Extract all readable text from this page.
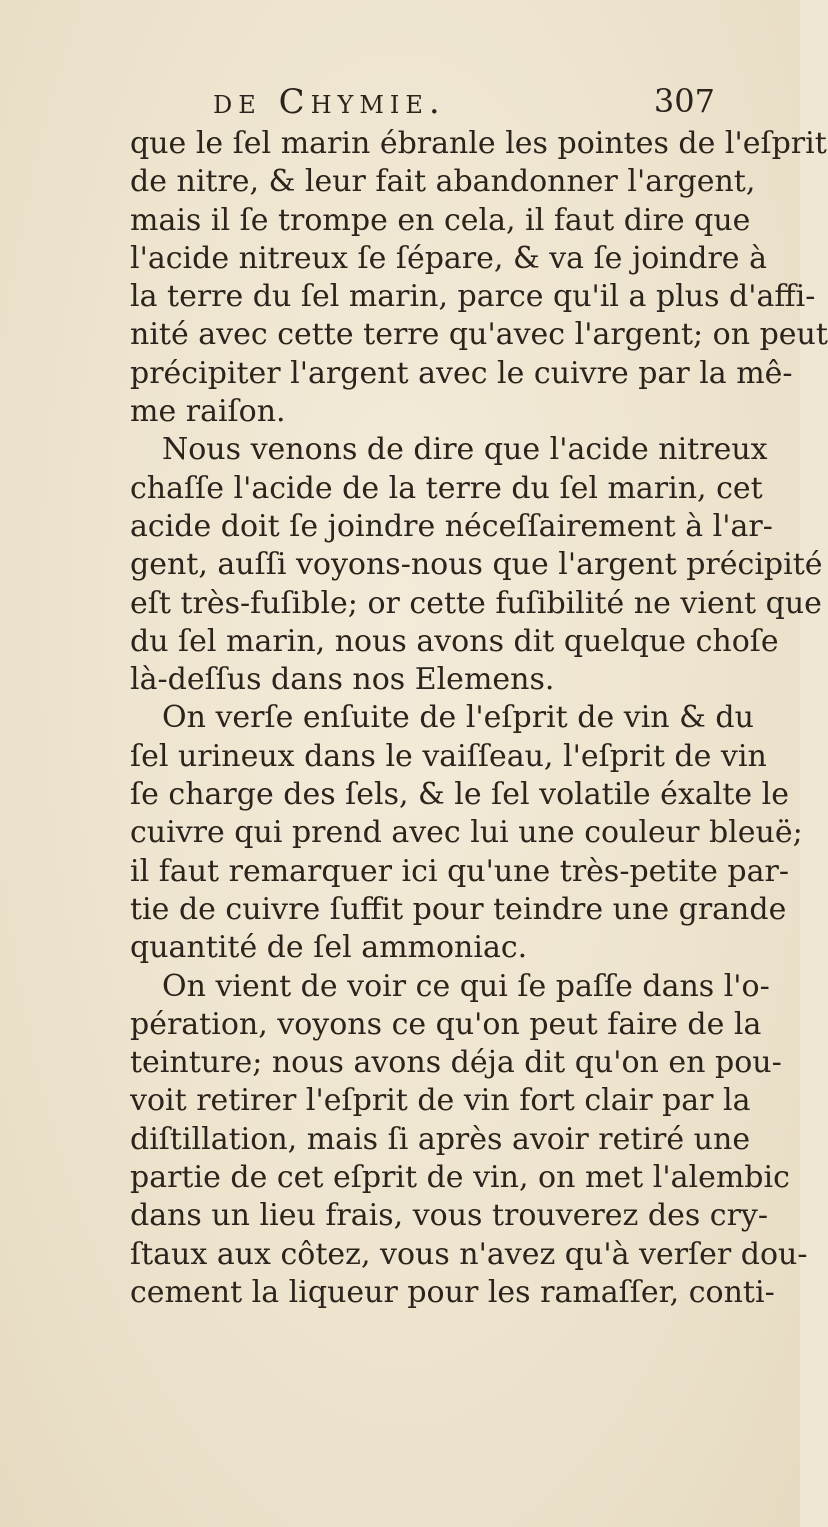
de Chymie.	307
que le ſel marin ébranle les pointes de l'eſprit
de nitre, & leur fait abandonner l'argent,
mais il ſe trompe en cela, il faut dire que
l'acide nitreux ſe ſépare, & va ſe joindre à
la terre du ſel marin, parce qu'il a plus d'affi-
nité avec cette terre qu'avec l'argent; on peut
précipiter l'argent avec le cuivre par la mê-
me raiſon.
Nous venons de dire que l'acide nitreux
chaſſe l'acide de la terre du ſel marin, cet
acide doit ſe joindre néceſſairement à l'ar-
gent, auſſi voyons-nous que l'argent précipité
eſt très-fuſible; or cette fuſibilité ne vient que
du ſel marin, nous avons dit quelque choſe
là-deſſus dans nos Elemens.
On verſe enſuite de l'eſprit de vin & du
ſel urineux dans le vaiſſeau, l'eſprit de vin
ſe charge des ſels, & le ſel volatile éxalte le
cuivre qui prend avec lui une couleur bleuë;
il faut remarquer ici qu'une très-petite par-
tie de cuivre ſuffit pour teindre une grande
quantité de ſel ammoniac.
On vient de voir ce qui ſe paſſe dans l'o-
pération, voyons ce qu'on peut faire de la
teinture; nous avons déja dit qu'on en pou-
voit retirer l'eſprit de vin fort clair par la
diſtillation, mais ſi après avoir retiré une
partie de cet eſprit de vin, on met l'alembic
dans un lieu frais, vous trouverez des cry-
ſtaux aux côtez, vous n'avez qu'à verſer dou-
cement la liqueur pour les ramaſſer, conti-
